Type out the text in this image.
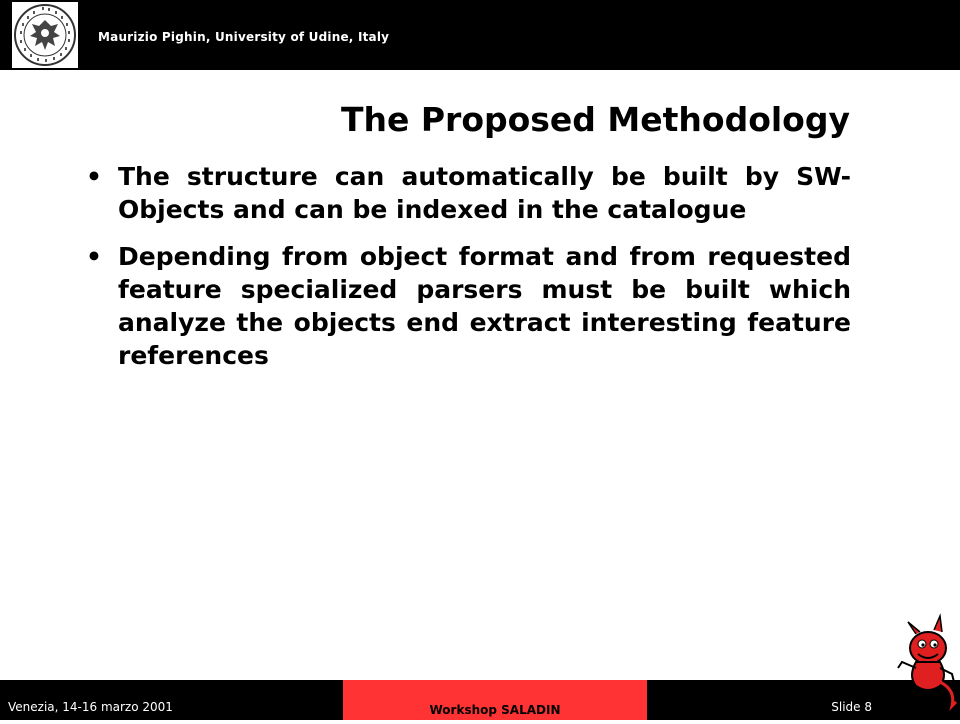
Maurizio Pighin, University of Udine, Italy
The Proposed Methodology
• The structure can automatically be built by SW-Objects and can be indexed in the catalogue
• Depending from object format and from requested feature specialized parsers must be built which analyze the objects end extract interesting feature references
Venezia, 14-16 marzo 2001	Workshop SALADIN	Slide 8
